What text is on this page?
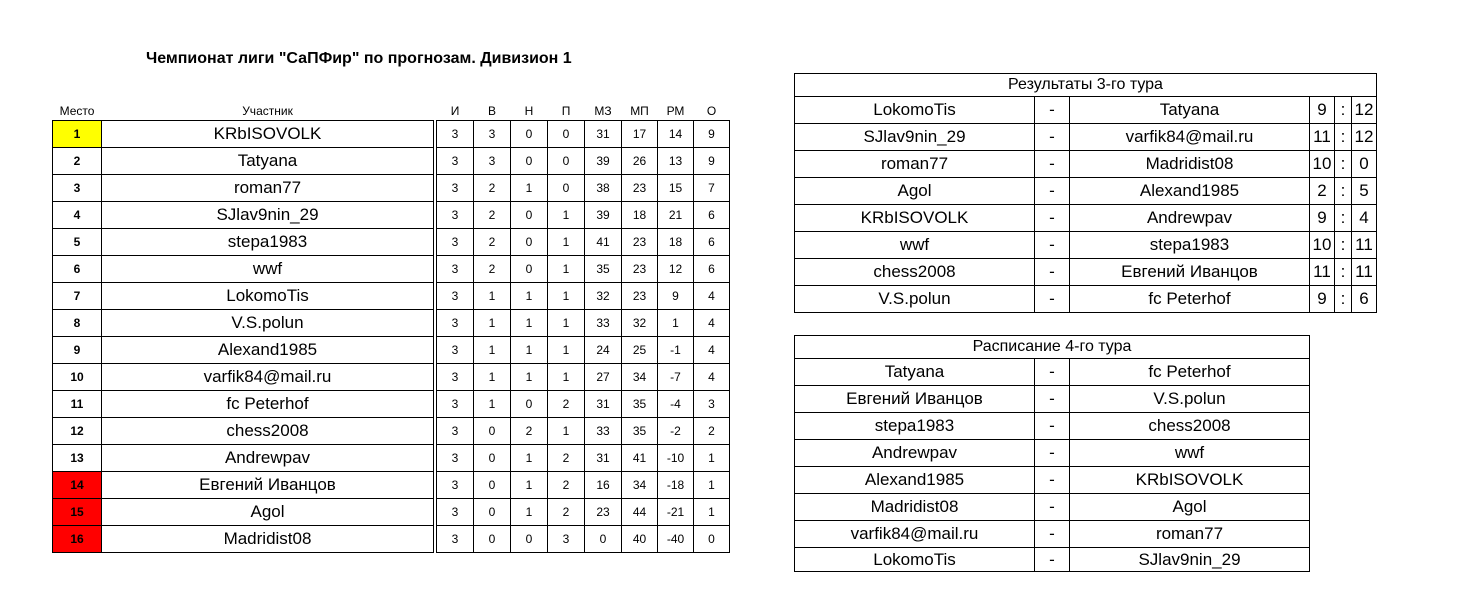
Чемпионат лиги "СаПФир" по прогнозам. Дивизион 1
Место	Участник		И	В	Н	П	МЗ	МП	РМ	О
1	KRbISOVOLK		3	3	0	0	31	17	14	9
2	Tatyana		3	3	0	0	39	26	13	9
3	roman77		3	2	1	0	38	23	15	7
4	SJlav9nin_29		3	2	0	1	39	18	21	6
5	stepa1983		3	2	0	1	41	23	18	6
6	wwf		3	2	0	1	35	23	12	6
7	LokomoTis		3	1	1	1	32	23	9	4
8	V.S.polun		3	1	1	1	33	32	1	4
9	Alexand1985		3	1	1	1	24	25	-1	4
10	varfik84@mail.ru		3	1	1	1	27	34	-7	4
11	fc Peterhof		3	1	0	2	31	35	-4	3
12	chess2008		3	0	2	1	33	35	-2	2
13	Andrewpav		3	0	1	2	31	41	-10	1
14	Евгений Иванцов		3	0	1	2	16	34	-18	1
15	Agol		3	0	1	2	23	44	-21	1
16	Madridist08		3	0	0	3	0	40	-40	0
Результаты 3-го тура					
LokomoTis	-	Tatyana	9	:	12
SJlav9nin_29	-	varfik84@mail.ru	11	:	12
roman77	-	Madridist08	10	:	0
Agol	-	Alexand1985	2	:	5
KRbISOVOLK	-	Andrewpav	9	:	4
wwf	-	stepa1983	10	:	11
chess2008	-	Евгений Иванцов	11	:	11
V.S.polun	-	fc Peterhof	9	:	6
Расписание 4-го тура		
Tatyana	-	fc Peterhof
Евгений Иванцов	-	V.S.polun
stepa1983	-	chess2008
Andrewpav	-	wwf
Alexand1985	-	KRbISOVOLK
Madridist08	-	Agol
varfik84@mail.ru	-	roman77
LokomoTis	-	SJlav9nin_29
